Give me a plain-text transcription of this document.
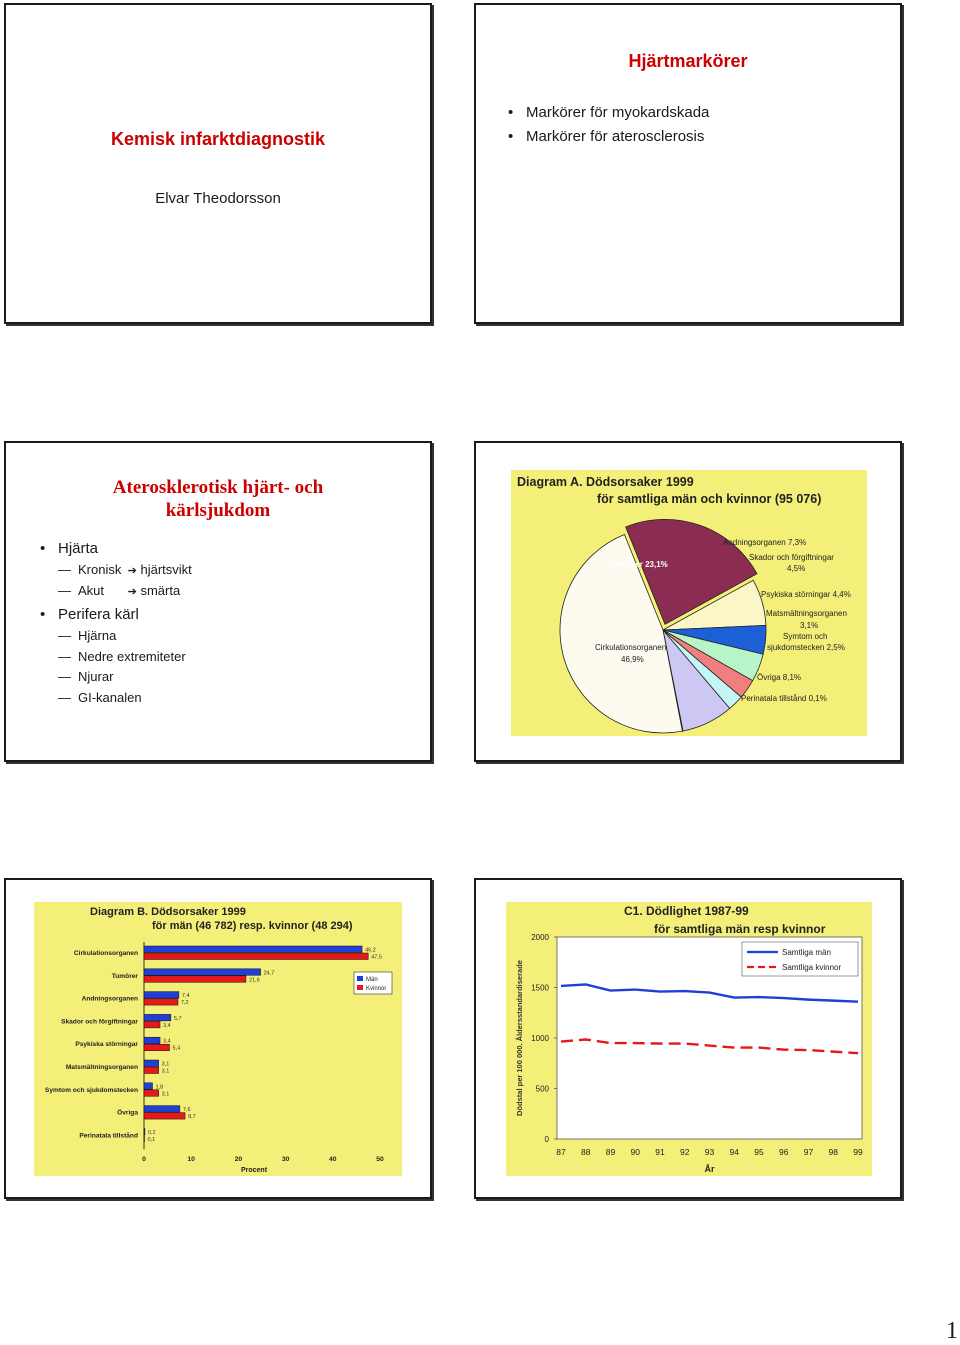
Kemisk infarktdiagnostik
Elvar Theodorsson
Hjärtmarkörer
• Markörer för myokardskada
• Markörer för aterosclerosis
Aterosklerotisk hjärt- och
kärlsjukdom
• Hjärta
— Kronisk ➔ hjärtsvikt
— Akut ➔ smärta
• Perifera kärl
— Hjärna
— Nedre extremiteter
— Njurar
— GI-kanalen
Diagram A. Dödsorsaker 1999
för samtliga män och kvinnor (95 076)
Tumörer 23,1%
Andningsorganen 7,3%
Skador och förgiftningar
4,5%
Psykiska störningar 4,4%
Matsmältningsorganen
3,1%
Symtom och
sjukdomstecken 2,5%
Cirkulationsorganen
46,9%
Övriga 8,1%
Perinatala tillstånd 0,1%
Diagram B. Dödsorsaker 1999
för män (46 782) resp. kvinnor (48 294)
Cirkulationsorganen	46,2
47,5
Tumörer	24,7
21,6
Andningsorganen	7,4
7,2
Skador och förgiftningar	5,7
3,4
Psykiska störningar	3,4
5,4
Matsmältningsorganen	3,1
3,1
Symtom och sjukdomstecken	1,8
3,1
Övriga	7,6
8,7
Perinatala tillstånd 0,2
0,1
Män
Kvinnor
0	10	20	30	40	50
Procent
C1. Dödlighet 1987-99
för samtliga män resp kvinnor
0
500
1000
1500
2000
87 88 89 90 91 92 93 94 95 96 97 98 99
År
Dödstal per 100 000. Åldersstandardiserade
Samtliga män
Samtliga kvinnor
1
